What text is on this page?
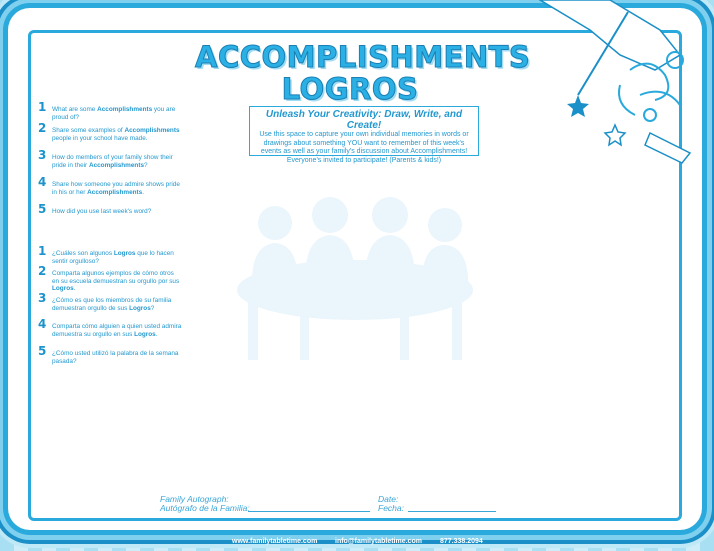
ACCOMPLISHMENTS
LOGROS
Unleash Your Creativity: Draw, Write, and Create!
Use this space to capture your own individual memories in words or drawings about something YOU want to remember of this week's events as well as your family's discussion about Accomplishments! Everyone's invited to participate! (Parents & kids!)
1 What are some Accomplishments you are proud of?
2 Share some examples of Accomplishments people in your school have made.
3 How do members of your family show their pride in their Accomplishments?
4 Share how someone you admire shows pride in his or her Accomplishments.
5 How did you use last week's word?
1 ¿Cuáles son algunos Logros que lo hacen sentir orgulloso?
2 Comparta algunos ejemplos de cómo otros en su escuela demuestran su orgullo por sus Logros.
3 ¿Cómo es que los miembros de su familia demuestran orgullo de sus Logros?
4 Comparta cómo alguien a quien usted admira demuestra su orgullo en sus Logros.
5 ¿Cómo usted utilizó la palabra de la semana pasada?
Family Autograph:
Autógrafo de la Familia:
Date:
Fecha:
www.familytabletime.com	info@familytabletime.com	877.338.2094
